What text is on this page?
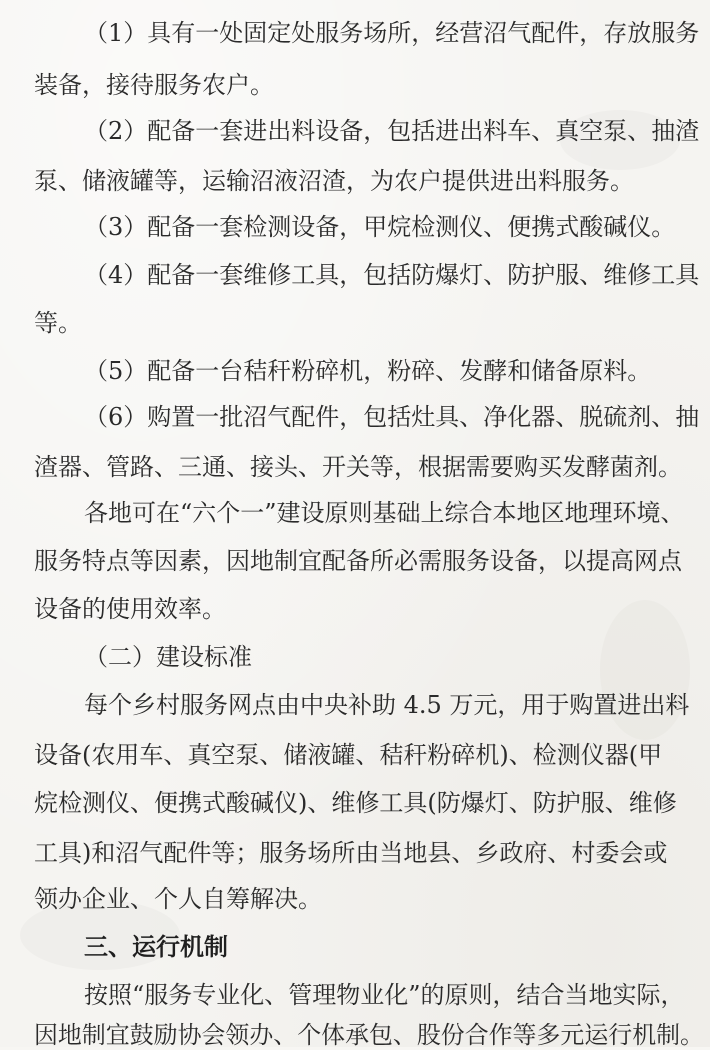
（1）具有一处固定处服务场所，经营沼气配件，存放服务
装备，接待服务农户。
（2）配备一套进出料设备，包括进出料车、真空泵、抽渣
泵、储液罐等，运输沼液沼渣，为农户提供进出料服务。
（3）配备一套检测设备，甲烷检测仪、便携式酸碱仪。
（4）配备一套维修工具，包括防爆灯、防护服、维修工具
等。
（5）配备一台秸秆粉碎机，粉碎、发酵和储备原料。
（6）购置一批沼气配件，包括灶具、净化器、脱硫剂、抽
渣器、管路、三通、接头、开关等，根据需要购买发酵菌剂。
各地可在“六个一”建设原则基础上综合本地区地理环境、
服务特点等因素，因地制宜配备所必需服务设备，以提高网点
设备的使用效率。
（二）建设标准
每个乡村服务网点由中央补助 4.5 万元，用于购置进出料
设备(农用车、真空泵、储液罐、秸秆粉碎机)、检测仪器(甲
烷检测仪、便携式酸碱仪)、维修工具(防爆灯、防护服、维修
工具)和沼气配件等；服务场所由当地县、乡政府、村委会或
领办企业、个人自筹解决。
三、运行机制
按照“服务专业化、管理物业化”的原则，结合当地实际，
因地制宜鼓励协会领办、个体承包、股份合作等多元运行机制。
